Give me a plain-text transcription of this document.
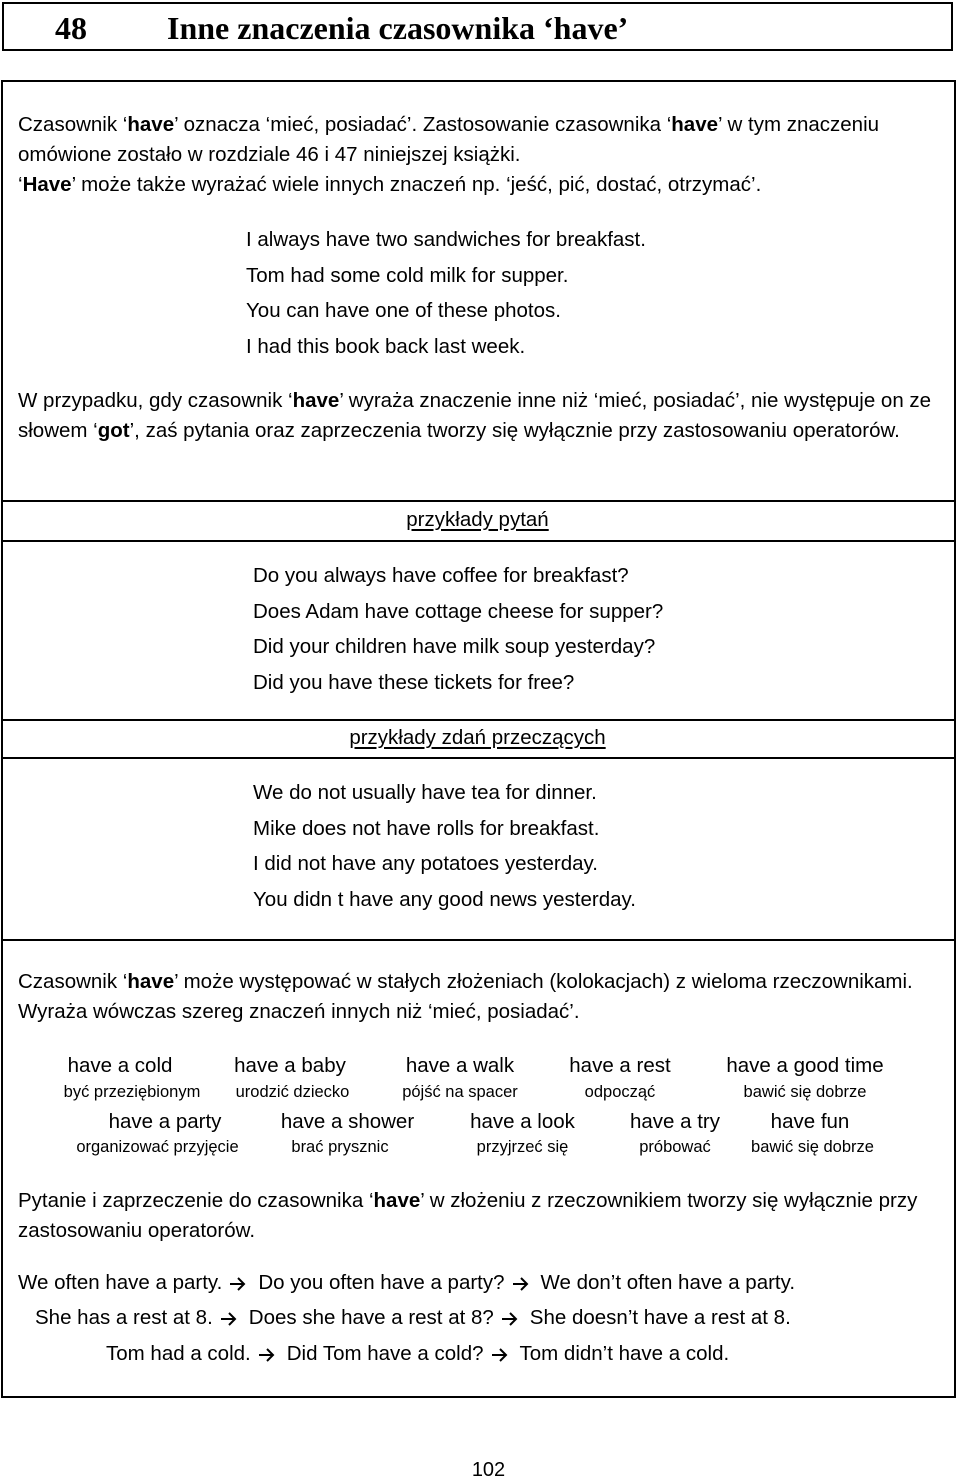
48	Inne znaczenia czasownika ‘have’
Czasownik ‘have’ oznacza ‘mieć, posiadać’. Zastosowanie czasownika ‘have’ w tym znaczeniu omówione zostało w rozdziale 46 i 47 niniejszej książki.
‘Have’ może także wyrażać wiele innych znaczeń np. ‘jeść, pić, dostać, otrzymać’.
I always have two sandwiches for breakfast.
Tom had some cold milk for supper.
You can have one of these photos.
I had this book back last week.
W przypadku, gdy czasownik ‘have’ wyraża znaczenie inne niż ‘mieć, posiadać’, nie występuje on ze słowem ‘got’, zaś pytania oraz zaprzeczenia tworzy się wyłącznie przy zastosowaniu operatorów.
przykłady pytań
Do you always have coffee for breakfast?
Does Adam have cottage cheese for supper?
Did your children have milk soup yesterday?
Did you have these tickets for free?
przykłady zdań przeczących
We do not usually have tea for dinner.
Mike does not have rolls for breakfast.
I did not have any potatoes yesterday.
You didn t have any good news yesterday.
Czasownik ‘have’ może występować w stałych złożeniach (kolokacjach) z wieloma rzeczownikami. Wyraża wówczas szereg znaczeń innych niż ‘mieć, posiadać’.
have a cold	have a baby	have a walk	have a rest	have a good time
być przeziębionym	urodzić dziecko	pójść na spacer	odpocząć	bawić się dobrze
have a party	have a shower	have a look	have a try	have fun
organizować przyjęcie	brać prysznic	przyjrzeć się	próbować	bawić się dobrze
Pytanie i zaprzeczenie do czasownika ‘have’ w złożeniu z rzeczownikiem tworzy się wyłącznie przy zastosowaniu operatorów.
We often have a party. Do you often have a party? We don’t often have a party.
She has a rest at 8. Does she have a rest at 8? She doesn’t have a rest at 8.
Tom had a cold. Did Tom have a cold? Tom didn’t have a cold.
102
